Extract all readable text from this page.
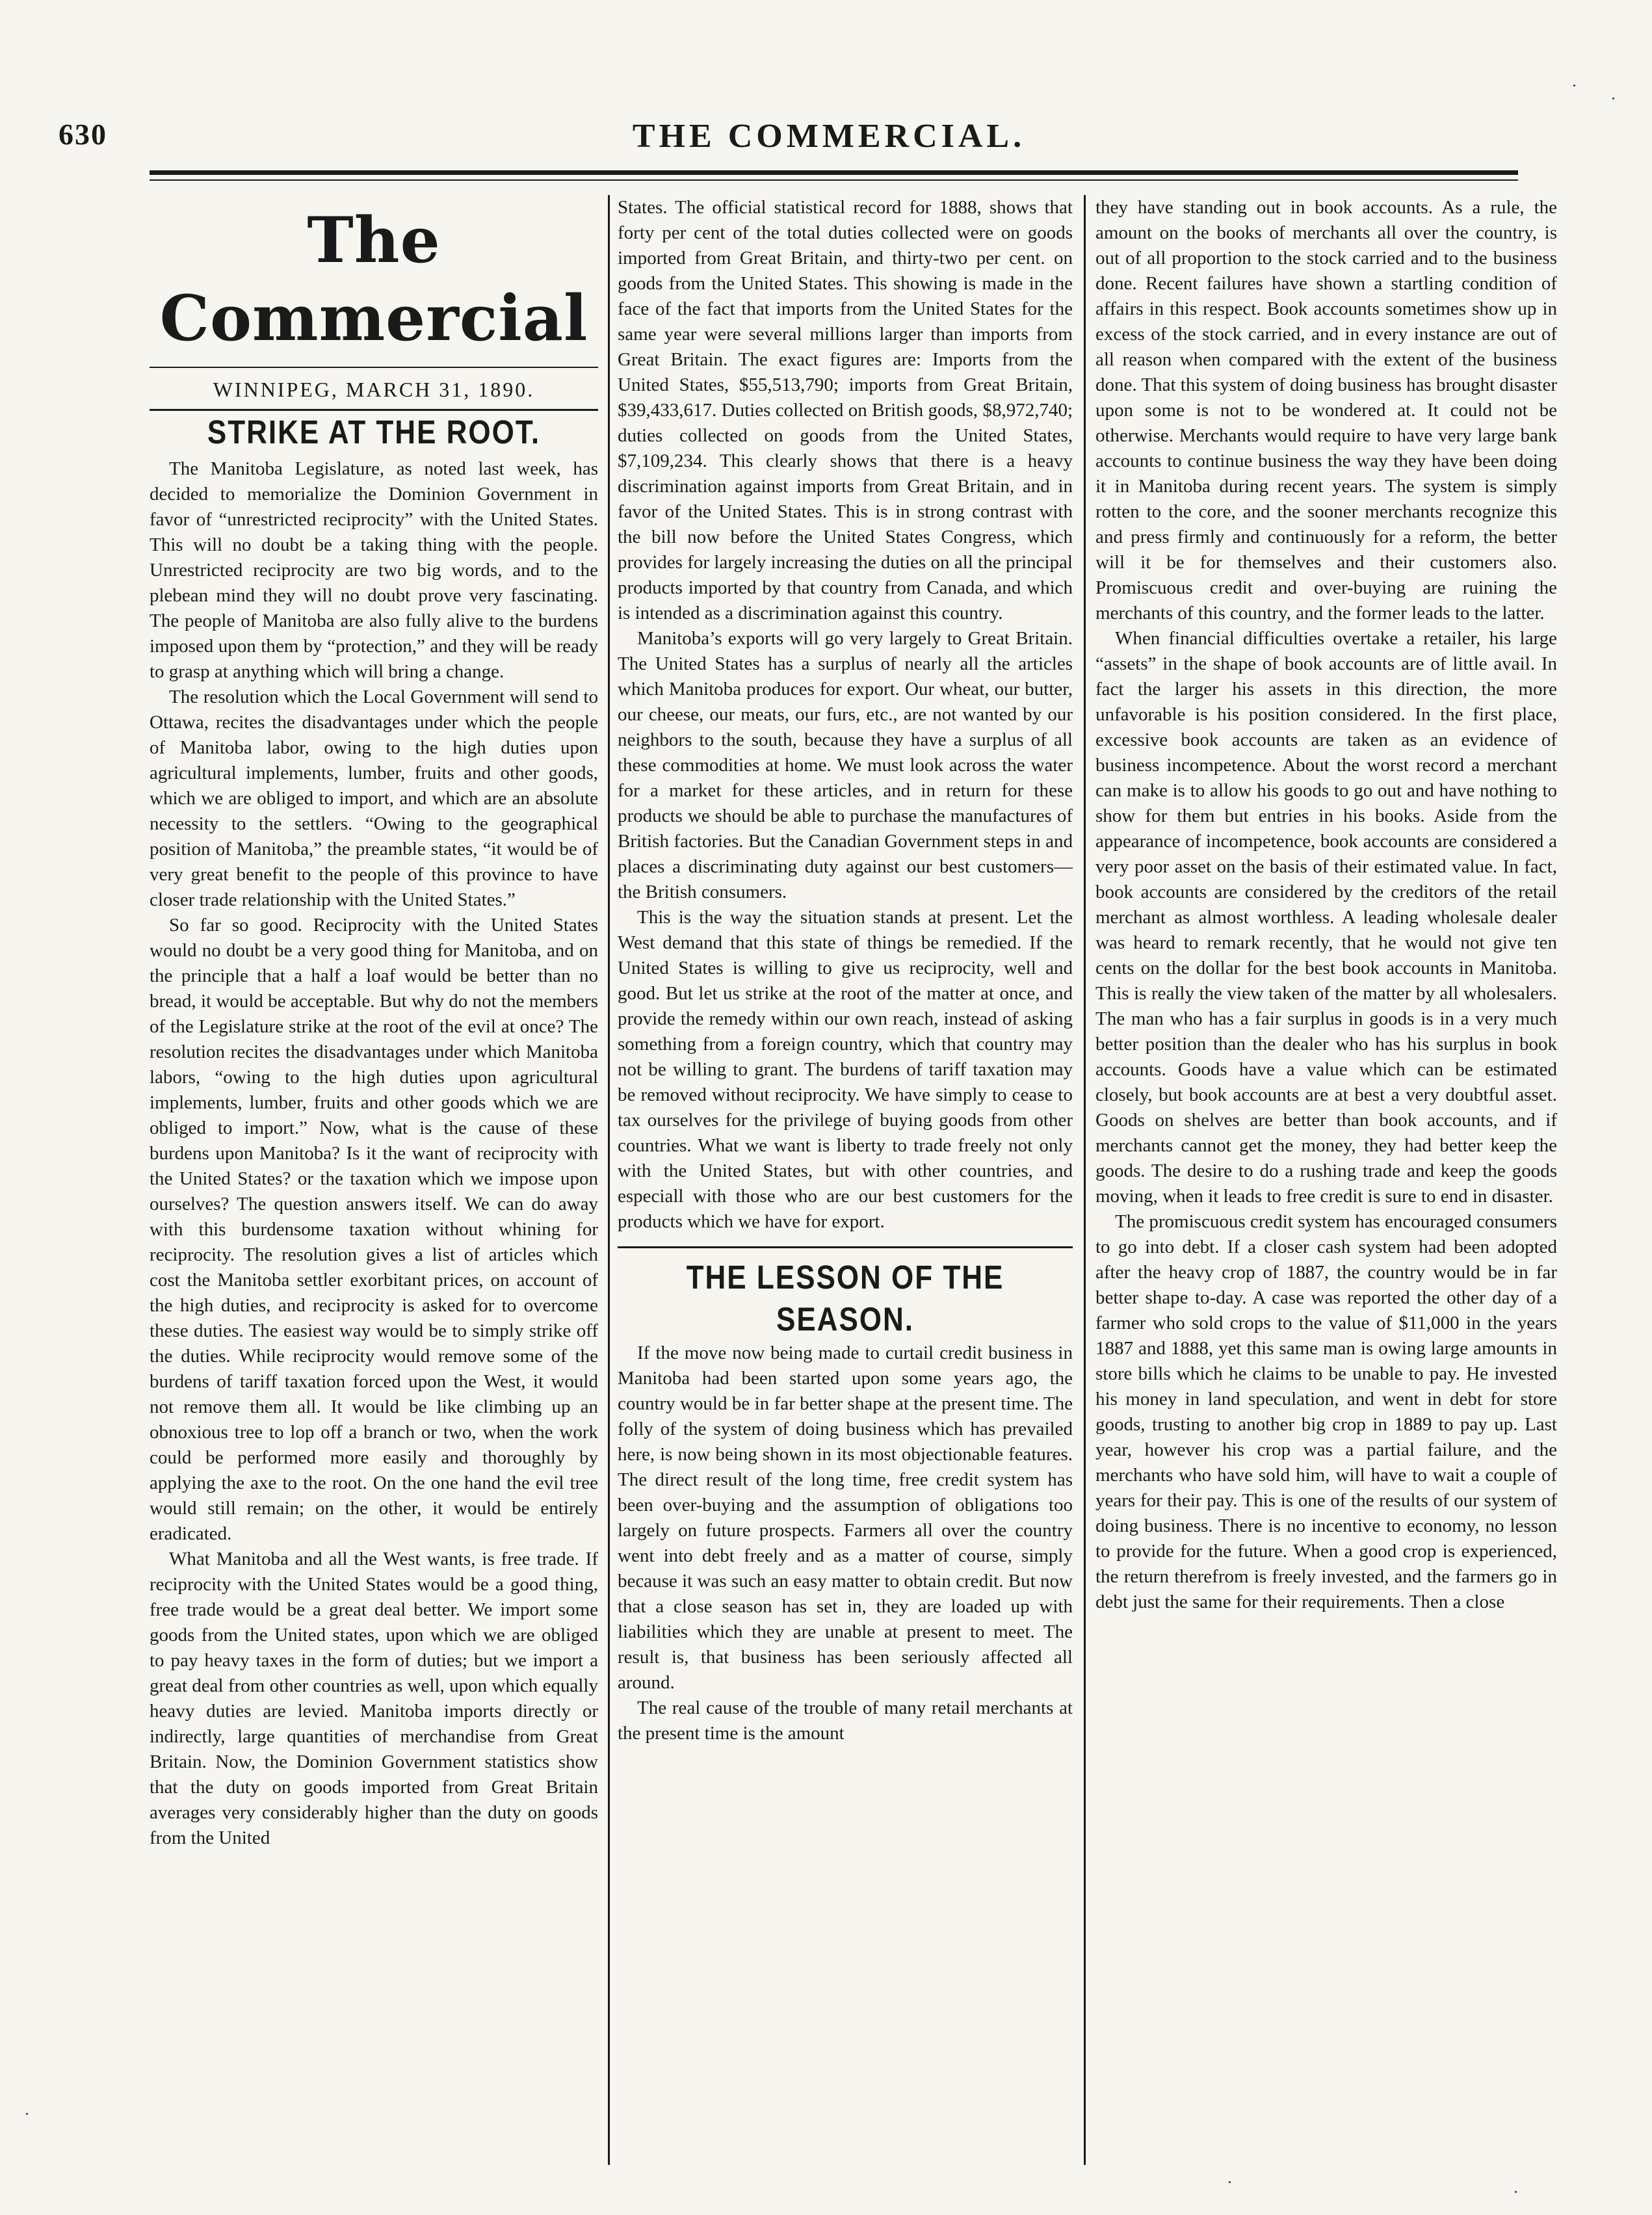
630	THE COMMERCIAL.
The Commercial
WINNIPEG, MARCH 31, 1890.
STRIKE AT THE ROOT.

The Manitoba Legislature, as noted last week, has decided to memorialize the Dominion Government in favor of “unrestricted reciprocity” with the United States. This will no doubt be a taking thing with the people. Unrestricted reciprocity are two big words, and to the plebean mind they will no doubt prove very fascinating. The people of Manitoba are also fully alive to the burdens imposed upon them by “protection,” and they will be ready to grasp at anything which will bring a change.

The resolution which the Local Government will send to Ottawa, recites the disadvantages under which the people of Manitoba labor, owing to the high duties upon agricultural implements, lumber, fruits and other goods, which we are obliged to import, and which are an absolute necessity to the settlers. “Owing to the geographical position of Manitoba,” the preamble states, “it would be of very great benefit to the people of this province to have closer trade relationship with the United States.”

So far so good. Reciprocity with the United States would no doubt be a very good thing for Manitoba, and on the principle that a half a loaf would be better than no bread, it would be acceptable. But why do not the members of the Legislature strike at the root of the evil at once? The resolution recites the disadvantages under which Manitoba labors, “owing to the high duties upon agricultural implements, lumber, fruits and other goods which we are obliged to import.” Now, what is the cause of these burdens upon Manitoba? Is it the want of reciprocity with the United States? or the taxation which we impose upon ourselves? The question answers itself. We can do away with this burdensome taxation without whining for reciprocity. The resolution gives a list of articles which cost the Manitoba settler exorbitant prices, on account of the high duties, and reciprocity is asked for to overcome these duties. The easiest way would be to simply strike off the duties. While reciprocity would remove some of the burdens of tariff taxation forced upon the West, it would not remove them all. It would be like climbing up an obnoxious tree to lop off a branch or two, when the work could be performed more easily and thoroughly by applying the axe to the root. On the one hand the evil tree would still remain; on the other, it would be entirely eradicated.

What Manitoba and all the West wants, is free trade. If reciprocity with the United States would be a good thing, free trade would be a great deal better. We import some goods from the United states, upon which we are obliged to pay heavy taxes in the form of duties; but we import a great deal from other countries as well, upon which equally heavy duties are levied. Manitoba imports directly or indirectly, large quantities of merchandise from Great Britain. Now, the Dominion Government statistics show that the duty on goods imported from Great Britain averages very considerably higher than the duty on goods from the United

States. The official statistical record for 1888, shows that forty per cent of the total duties collected were on goods imported from Great Britain, and thirty-two per cent. on goods from the United States. This showing is made in the face of the fact that imports from the United States for the same year were several millions larger than imports from Great Britain. The exact figures are: Imports from the United States, $55,513,790; imports from Great Britain, $39,433,617. Duties collected on British goods, $8,972,740; duties collected on goods from the United States, $7,109,234. This clearly shows that there is a heavy discrimination against imports from Great Britain, and in favor of the United States. This is in strong contrast with the bill now before the United States Congress, which provides for largely increasing the duties on all the principal products imported by that country from Canada, and which is intended as a discrimination against this country.

Manitoba’s exports will go very largely to Great Britain. The United States has a surplus of nearly all the articles which Manitoba produces for export. Our wheat, our butter, our cheese, our meats, our furs, etc., are not wanted by our neighbors to the south, because they have a surplus of all these commodities at home. We must look across the water for a market for these articles, and in return for these products we should be able to purchase the manufactures of British factories. But the Canadian Government steps in and places a discriminating duty against our best customers—the British consumers.

This is the way the situation stands at present. Let the West demand that this state of things be remedied. If the United States is willing to give us reciprocity, well and good. But let us strike at the root of the matter at once, and provide the remedy within our own reach, instead of asking something from a foreign country, which that country may not be willing to grant. The burdens of tariff taxation may be removed without reciprocity. We have simply to cease to tax ourselves for the privilege of buying goods from other countries. What we want is liberty to trade freely not only with the United States, but with other countries, and especiall with those who are our best customers for the products which we have for export.

THE LESSON OF THE SEASON.

If the move now being made to curtail credit business in Manitoba had been started upon some years ago, the country would be in far better shape at the present time. The folly of the system of doing business which has prevailed here, is now being shown in its most objectionable features. The direct result of the long time, free credit system has been over-buying and the assumption of obligations too largely on future prospects. Farmers all over the country went into debt freely and as a matter of course, simply because it was such an easy matter to obtain credit. But now that a close season has set in, they are loaded up with liabilities which they are unable at present to meet. The result is, that business has been seriously affected all around.

The real cause of the trouble of many retail merchants at the present time is the amount

they have standing out in book accounts. As a rule, the amount on the books of merchants all over the country, is out of all proportion to the stock carried and to the business done. Recent failures have shown a startling condition of affairs in this respect. Book accounts sometimes show up in excess of the stock carried, and in every instance are out of all reason when compared with the extent of the business done. That this system of doing business has brought disaster upon some is not to be wondered at. It could not be otherwise. Merchants would require to have very large bank accounts to continue business the way they have been doing it in Manitoba during recent years. The system is simply rotten to the core, and the sooner merchants recognize this and press firmly and continuously for a reform, the better will it be for themselves and their customers also. Promiscuous credit and over-buying are ruining the merchants of this country, and the former leads to the latter.

When financial difficulties overtake a retailer, his large “assets” in the shape of book accounts are of little avail. In fact the larger his assets in this direction, the more unfavorable is his position considered. In the first place, excessive book accounts are taken as an evidence of business incompetence. About the worst record a merchant can make is to allow his goods to go out and have nothing to show for them but entries in his books. Aside from the appearance of incompetence, book accounts are considered a very poor asset on the basis of their estimated value. In fact, book accounts are considered by the creditors of the retail merchant as almost worthless. A leading wholesale dealer was heard to remark recently, that he would not give ten cents on the dollar for the best book accounts in Manitoba. This is really the view taken of the matter by all wholesalers. The man who has a fair surplus in goods is in a very much better position than the dealer who has his surplus in book accounts. Goods have a value which can be estimated closely, but book accounts are at best a very doubtful asset. Goods on shelves are better than book accounts, and if merchants cannot get the money, they had better keep the goods. The desire to do a rushing trade and keep the goods moving, when it leads to free credit is sure to end in disaster.

The promiscuous credit system has encouraged consumers to go into debt. If a closer cash system had been adopted after the heavy crop of 1887, the country would be in far better shape to-day. A case was reported the other day of a farmer who sold crops to the value of $11,000 in the years 1887 and 1888, yet this same man is owing large amounts in store bills which he claims to be unable to pay. He invested his money in land speculation, and went in debt for store goods, trusting to another big crop in 1889 to pay up. Last year, however his crop was a partial failure, and the merchants who have sold him, will have to wait a couple of years for their pay. This is one of the results of our system of doing business. There is no incentive to economy, no lesson to provide for the future. When a good crop is experienced, the return therefrom is freely invested, and the farmers go in debt just the same for their requirements. Then a close
